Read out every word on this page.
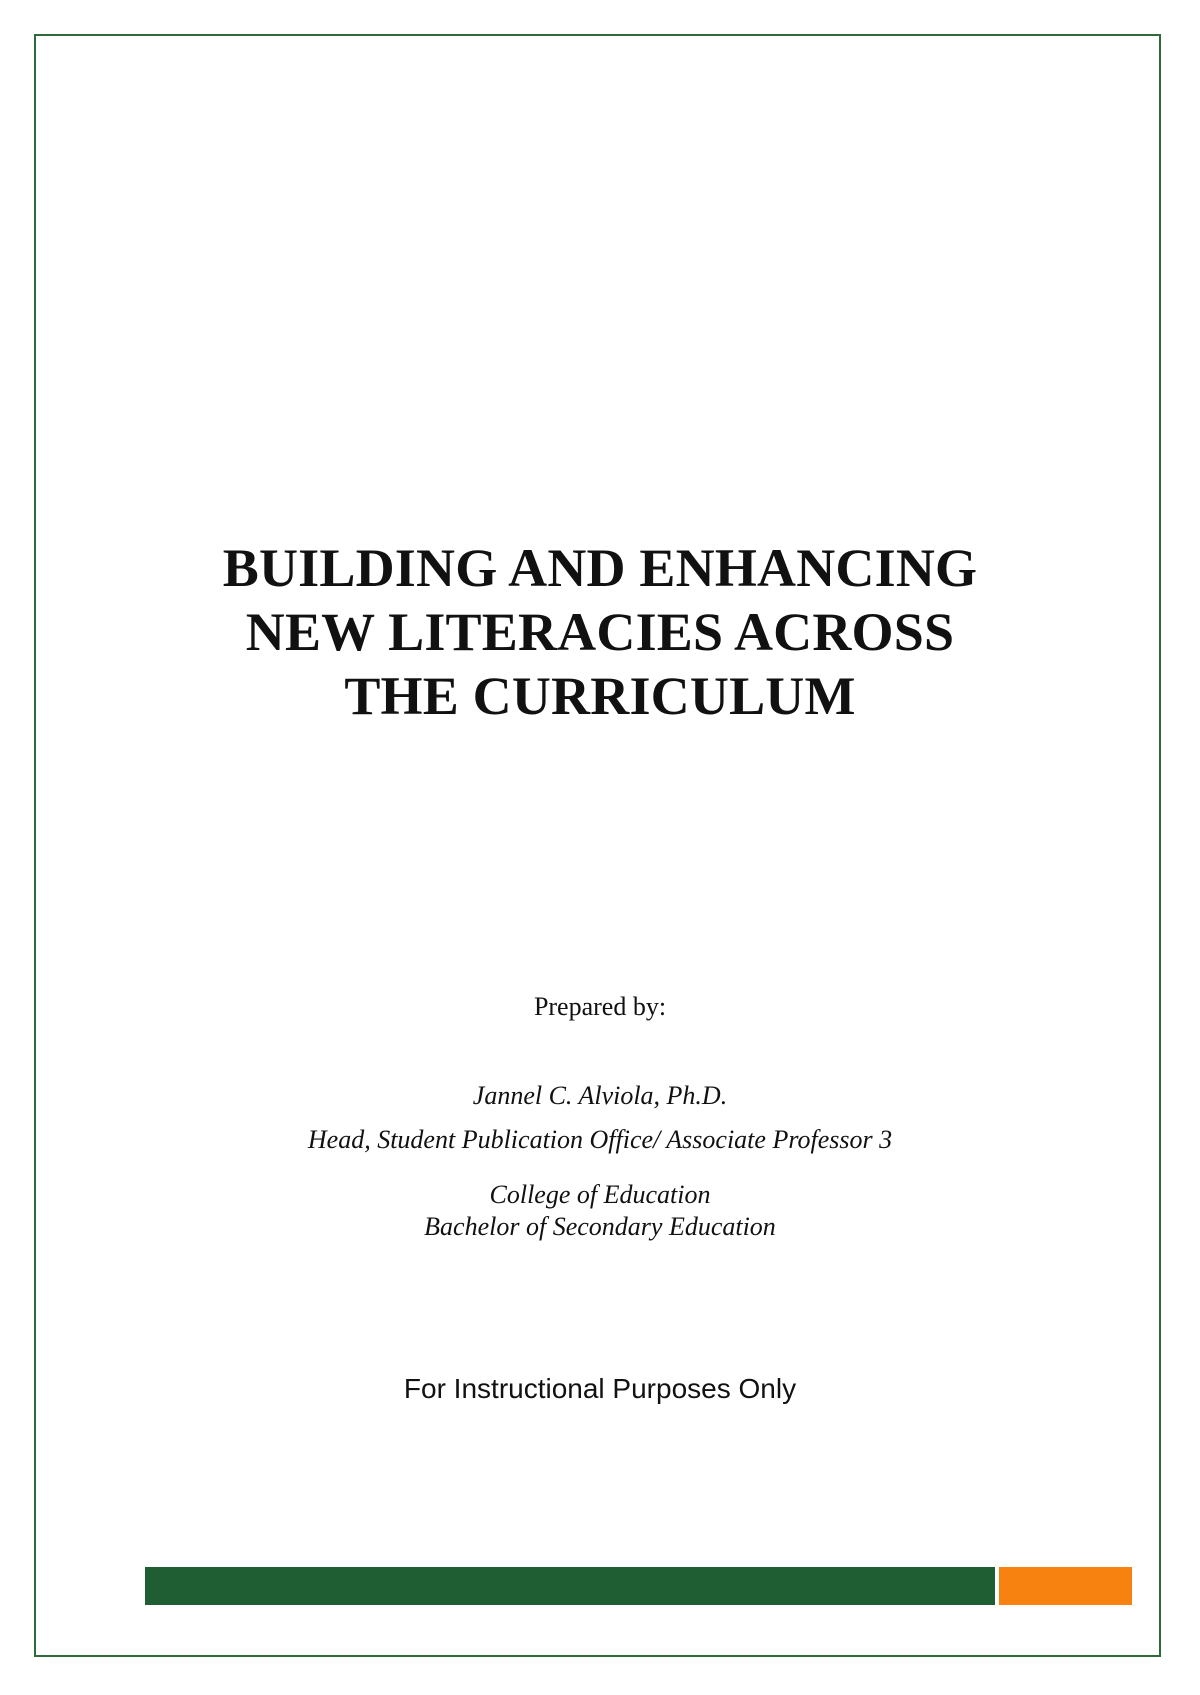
BUILDING AND ENHANCING
NEW LITERACIES ACROSS
THE CURRICULUM
Prepared by:
Jannel C. Alviola, Ph.D.
Head, Student Publication Office/ Associate Professor 3
College of Education
Bachelor of Secondary Education
For Instructional Purposes Only
